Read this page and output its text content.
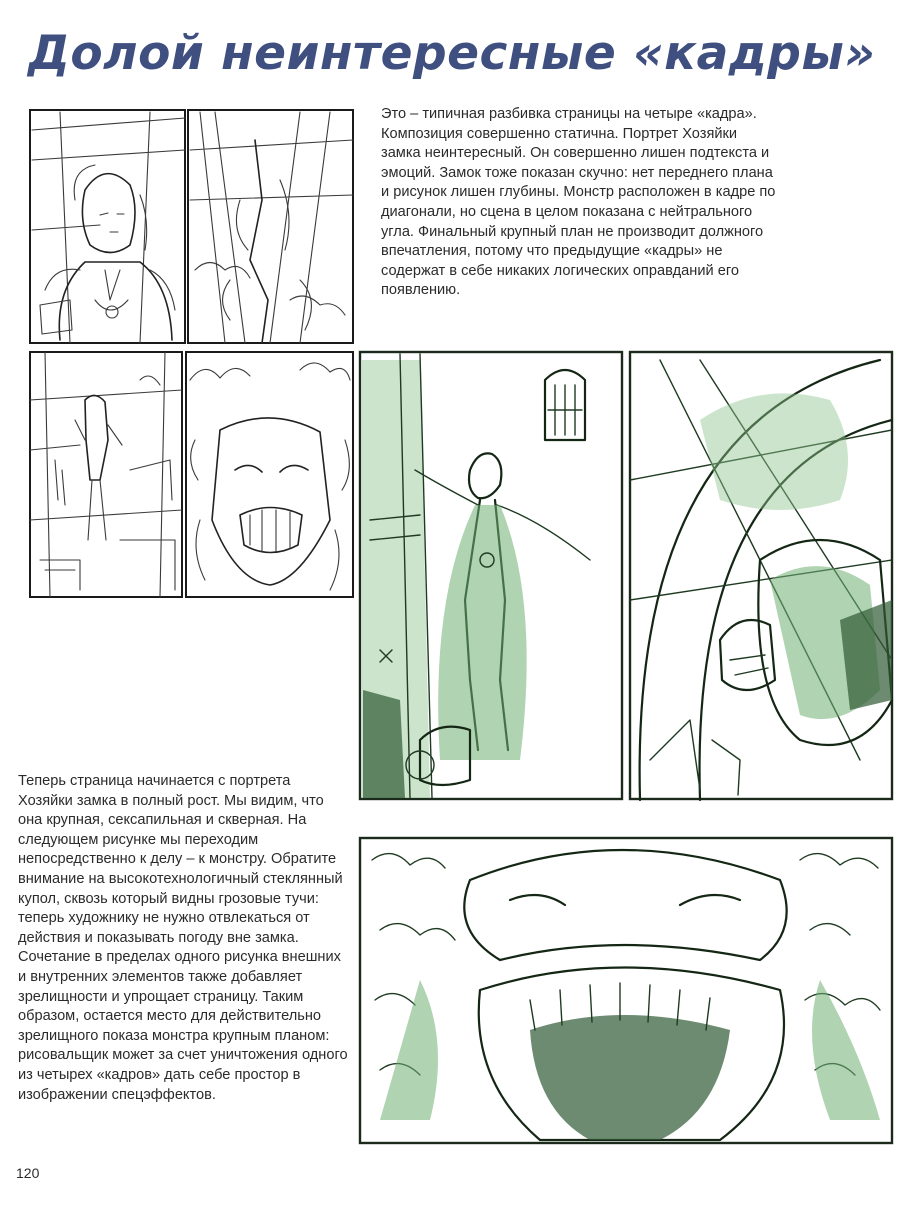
Долой неинтересные «кадры»

Это – типичная разбивка страницы на четыре «кадра». Композиция совершенно статична. Портрет Хозяйки замка неинтересный. Он совершенно лишен подтекста и эмоций. Замок тоже показан скучно: нет переднего плана и рисунок лишен глубины. Монстр расположен в кадре по диагонали, но сцена в целом показана с нейтрального угла. Финальный крупный план не производит должного впечатления, потому что предыдущие «кадры» не содержат в себе никаких логических оправданий его появлению.

Теперь страница начинается с портрета Хозяйки замка в полный рост. Мы видим, что она крупная, сексапильная и скверная. На следующем рисунке мы переходим непосредственно к делу – к монстру. Обратите внимание на высокотехнологичный стеклянный купол, сквозь который видны грозовые тучи: теперь художнику не нужно отвлекаться от действия и показывать погоду вне замка. Сочетание в пределах одного рисунка внешних и внутренних элементов также добавляет зрелищности и упрощает страницу. Таким образом, остается место для действительно зрелищного показа монстра крупным планом: рисовальщик может за счет уничтожения одного из четырех «кадров» дать себе простор в изображении спецэффектов.

120
